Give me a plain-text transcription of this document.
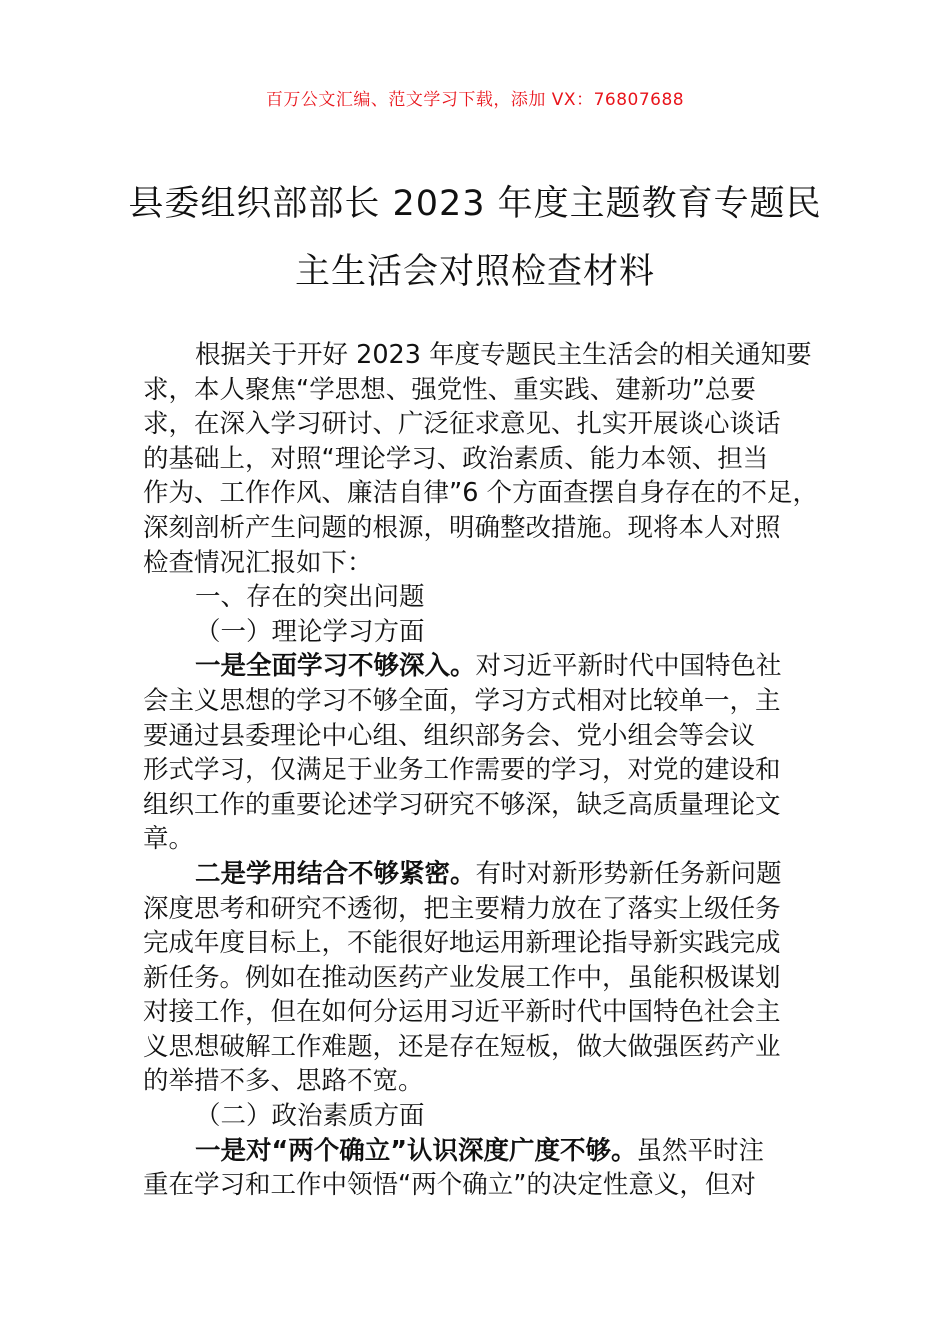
百万公文汇编、范文学习下载，添加 VX：76807688
县委组织部部长 2023 年度主题教育专题民
主生活会对照检查材料
根据关于开好 2023 年度专题民主生活会的相关通知要
求，本人聚焦“学思想、强党性、重实践、建新功”总要
求，在深入学习研讨、广泛征求意见、扎实开展谈心谈话
的基础上，对照“理论学习、政治素质、能力本领、担当
作为、工作作风、廉洁自律”6 个方面查摆自身存在的不足，
深刻剖析产生问题的根源，明确整改措施。现将本人对照
检查情况汇报如下：
一、存在的突出问题
（一）理论学习方面
一是全面学习不够深入。对习近平新时代中国特色社
会主义思想的学习不够全面，学习方式相对比较单一，主
要通过县委理论中心组、组织部务会、党小组会等会议
形式学习，仅满足于业务工作需要的学习，对党的建设和
组织工作的重要论述学习研究不够深，缺乏高质量理论文
章。
二是学用结合不够紧密。有时对新形势新任务新问题
深度思考和研究不透彻，把主要精力放在了落实上级任务
完成年度目标上，不能很好地运用新理论指导新实践完成
新任务。例如在推动医药产业发展工作中，虽能积极谋划
对接工作，但在如何分运用习近平新时代中国特色社会主
义思想破解工作难题，还是存在短板，做大做强医药产业
的举措不多、思路不宽。
（二）政治素质方面
一是对“两个确立”认识深度广度不够。虽然平时注
重在学习和工作中领悟“两个确立”的决定性意义，但对
